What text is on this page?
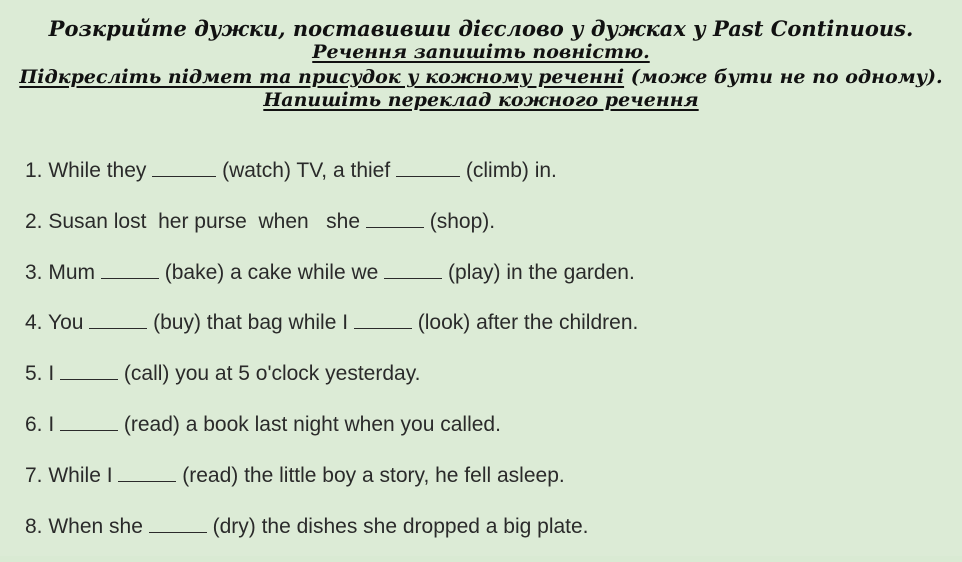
Розкрийте дужки, поставивши дієслово у дужках у Past Continuous.
Речення запишіть повністю.
Підкресліть підмет та присудок у кожному реченні (може бути не по одному).
Напишіть переклад кожного речення
1. While they	(watch) TV, a thief	(climb) in.
2. Susan lost  her purse  when   she	(shop).
3. Mum	(bake) a cake while we	(play) in the garden.
4. You	(buy) that bag while I	(look) after the children.
5. I	(call) you at 5 o'clock yesterday.
6. I	(read) a book last night when you called.
7. While I	(read) the little boy a story, he fell asleep.
8. When she	(dry) the dishes she dropped a big plate.
